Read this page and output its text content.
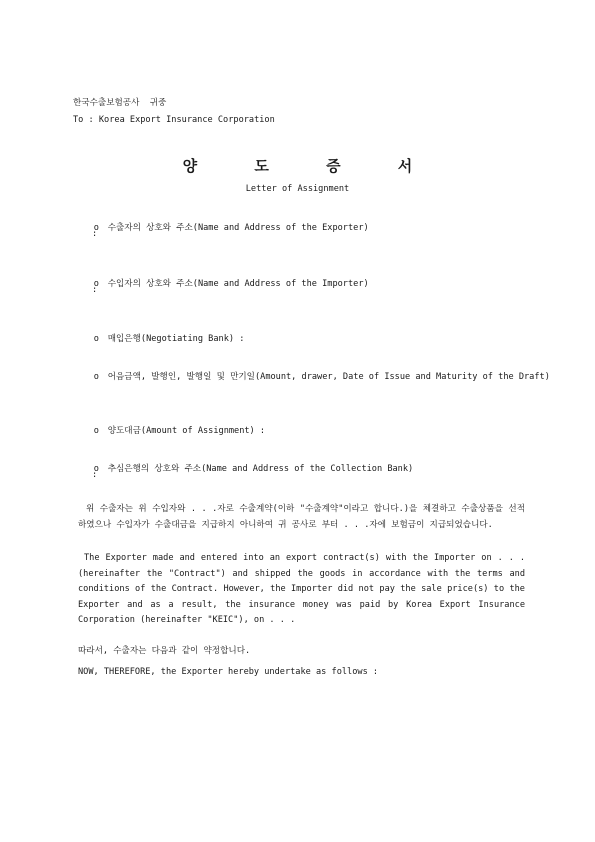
한국수출보험공사  귀중
To : Korea Export Insurance Corporation
양 도 증 서
Letter of Assignment

o 수출자의 상호와 주소(Name and Address of the Exporter)

:

o 수입자의 상호와 주소(Name and Address of the Importer)

:

o 매입은행(Negotiating Bank) :

o 어음금액, 발행인, 발행일 및 만기일(Amount, drawer, Date of Issue and Maturity of the Draft)

o 양도대금(Amount of Assignment) :

o 추심은행의 상호와 주소(Name and Address of the Collection Bank)

:

위 수출자는 위 수입자와 . . .자로 수출계약(이하 "수출계약"이라고 합니다.)을 체결하고 수출상품을 선적하였으나 수입자가 수출대금을 지급하지 아니하여 귀 공사로 부터 . . .자에 보험금이 지급되었습니다.

The Exporter made and entered into an export contract(s) with the Importer on . . . (hereinafter the "Contract") and shipped the goods in accordance with the terms and conditions of the Contract. However, the Importer did not pay the sale price(s) to the Exporter and as a result, the insurance money was paid by Korea Export Insurance Corporation (hereinafter "KEIC"), on . . .

따라서, 수출자는 다음과 같이 약정합니다.
NOW, THEREFORE, the Exporter hereby undertake as follows :
